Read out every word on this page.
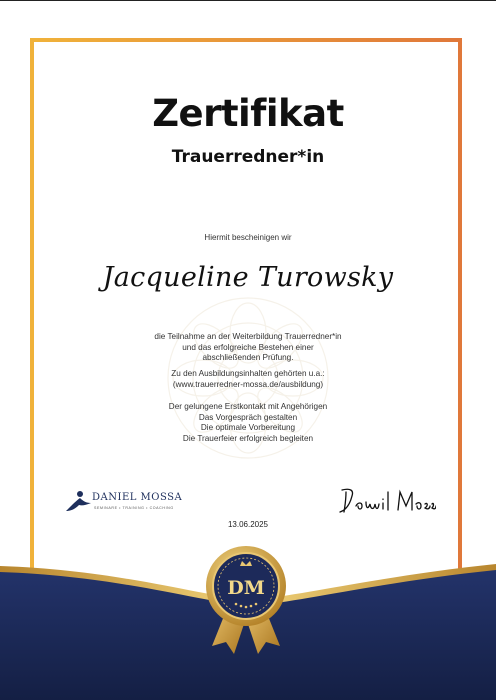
Zertifikat
Trauerredner*in
Hiermit bescheinigen wir
Jacqueline Turowsky
die Teilnahme an der Weiterbildung Trauerredner*in
und das erfolgreiche Bestehen einer
abschließenden Prüfung.
Zu den Ausbildungsinhalten gehörten u.a.:
(www.trauerredner-mossa.de/ausbildung)
Der gelungene Erstkontakt mit Angehörigen
Das Vorgespräch gestalten
Die optimale Vorbereitung
Die Trauerfeier erfolgreich begleiten
DANIEL MOSSA
SEMINARE • TRAINING • COACHING
13.06.2025
DM
